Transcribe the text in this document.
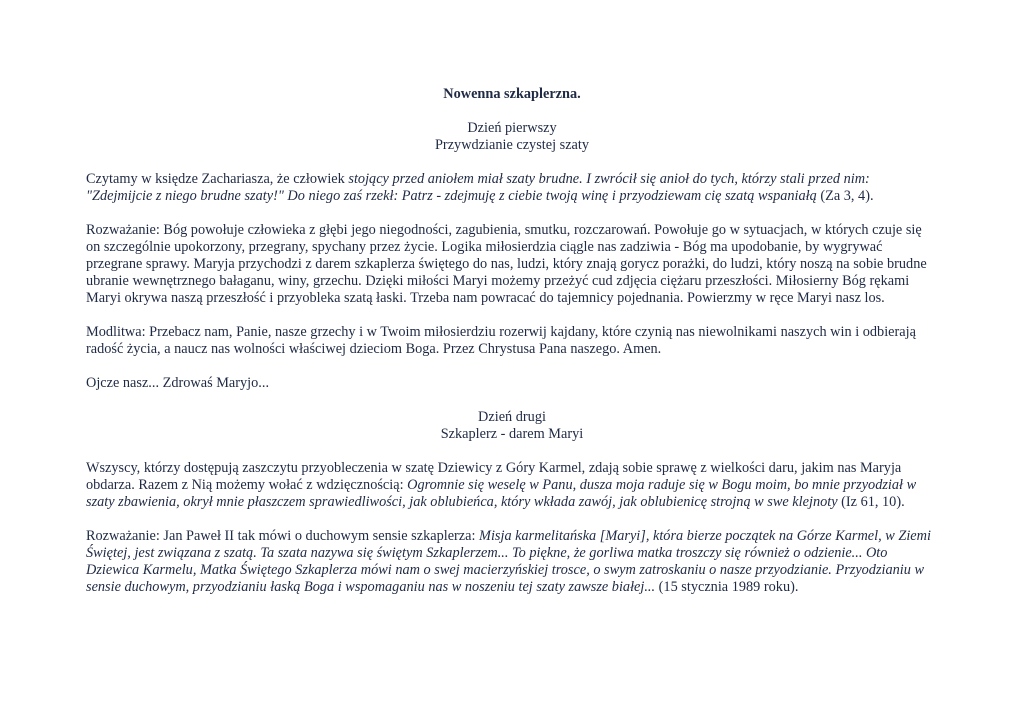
Nowenna szkaplerzna.

Dzień pierwszy

Przywdzianie czystej szaty

Czytamy w księdze Zachariasza, że człowiek stojący przed aniołem miał szaty brudne. I zwrócił się anioł do tych, którzy stali przed nim: "Zdejmijcie z niego brudne szaty!" Do niego zaś rzekł: Patrz - zdejmuję z ciebie twoją winę i przyodziewam cię szatą wspaniałą (Za 3, 4).

Rozważanie: Bóg powołuje człowieka z głębi jego niegodności, zagubienia, smutku, rozczarowań. Powołuje go w sytuacjach, w których czuje się on szczególnie upokorzony, przegrany, spychany przez życie. Logika miłosierdzia ciągle nas zadziwia - Bóg ma upodobanie, by wygrywać przegrane sprawy. Maryja przychodzi z darem szkaplerza świętego do nas, ludzi, który znają gorycz porażki, do ludzi, który noszą na sobie brudne ubranie wewnętrznego bałaganu, winy, grzechu. Dzięki miłości Maryi możemy przeżyć cud zdjęcia ciężaru przeszłości. Miłosierny Bóg rękami Maryi okrywa naszą przeszłość i przyobleka szatą łaski. Trzeba nam powracać do tajemnicy pojednania. Powierzmy w ręce Maryi nasz los.

Modlitwa: Przebacz nam, Panie, nasze grzechy i w Twoim miłosierdziu rozerwij kajdany, które czynią nas niewolnikami naszych win i odbierają radość życia, a naucz nas wolności właściwej dzieciom Boga. Przez Chrystusa Pana naszego. Amen.

Ojcze nasz... Zdrowaś Maryjo...

Dzień drugi

Szkaplerz - darem Maryi

Wszyscy, którzy dostępują zaszczytu przyobleczenia w szatę Dziewicy z Góry Karmel, zdają sobie sprawę z wielkości daru, jakim nas Maryja obdarza. Razem z Nią możemy wołać z wdzięcznością: Ogromnie się weselę w Panu, dusza moja raduje się w Bogu moim, bo mnie przyodział w szaty zbawienia, okrył mnie płaszczem sprawiedliwości, jak oblubieńca, który wkłada zawój, jak oblubienicę strojną w swe klejnoty (Iz 61, 10).

Rozważanie: Jan Paweł II tak mówi o duchowym sensie szkaplerza: Misja karmelitańska [Maryi], która bierze początek na Górze Karmel, w Ziemi Świętej, jest związana z szatą. Ta szata nazywa się świętym Szkaplerzem... To piękne, że gorliwa matka troszczy się również o odzienie... Oto Dziewica Karmelu, Matka Świętego Szkaplerza mówi nam o swej macierzyńskiej trosce, o swym zatroskaniu o nasze przyodzianie. Przyodzianiu w sensie duchowym, przyodzianiu łaską Boga i wspomaganiu nas w noszeniu tej szaty zawsze białej... (15 stycznia 1989 roku).
